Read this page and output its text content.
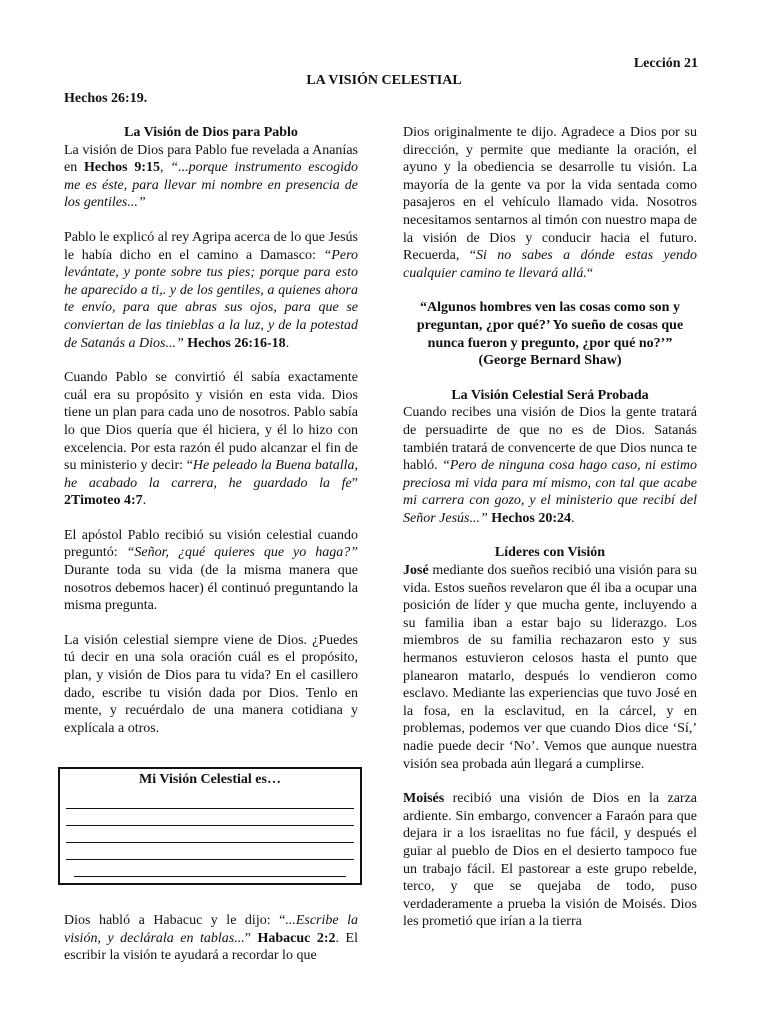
Lección 21
LA VISIÓN CELESTIAL
Hechos 26:19.

La Visión de Dios para Pablo

La visión de Dios para Pablo fue revelada a Ananías en Hechos 9:15, “...porque instrumento escogido me es éste, para llevar mi nombre en presencia de los gentiles...”

Pablo le explicó al rey Agripa acerca de lo que Jesús le había dicho en el camino a Damasco: “Pero levántate, y ponte sobre tus pies; porque para esto he aparecido a ti,. y de los gentiles, a quienes ahora te envío, para que abras sus ojos, para que se conviertan de las tinieblas a la luz, y de la potestad de Satanás a Dios...” Hechos 26:16-18.

Cuando Pablo se convirtió él sabía exactamente cuál era su propósito y visión en esta vida. Dios tiene un plan para cada uno de nosotros. Pablo sabía lo que Dios quería que él hiciera, y él lo hizo con excelencia. Por esta razón él pudo alcanzar el fin de su ministerio y decir: “He peleado la Buena batalla, he acabado la carrera, he guardado la fe” 2Timoteo 4:7.

El apóstol Pablo recibió su visión celestial cuando preguntó: “Señor, ¿qué quieres que yo haga?” Durante toda su vida (de la misma manera que nosotros debemos hacer) él continuó preguntando la misma pregunta.

La visión celestial siempre viene de Dios. ¿Puedes tú decir en una sola oración cuál es el propósito, plan, y visión de Dios para tu vida? En el casillero dado, escribe tu visión dada por Dios. Tenlo en mente, y recuérdalo de una manera cotidiana y explícala a otros.

Mi Visión Celestial es…

Dios habló a Habacuc y le dijo: “...Escribe la visión, y declárala en tablas...” Habacuc 2:2. El escribir la visión te ayudará a recordar lo que

Dios originalmente te dijo. Agradece a Dios por su dirección, y permite que mediante la oración, el ayuno y la obediencia se desarrolle tu visión. La mayoría de la gente va por la vida sentada como pasajeros en el vehículo llamado vida. Nosotros necesitamos sentarnos al timón con nuestro mapa de la visión de Dios y conducir hacia el futuro. Recuerda, “Si no sabes a dónde estas yendo cualquier camino te llevará allá.“

“Algunos hombres ven las cosas como son y preguntan, ¿por qué?’ Yo sueño de cosas que nunca fueron y pregunto, ¿por qué no?’”
(George Bernard Shaw)

La Visión Celestial Será Probada

Cuando recibes una visión de Dios la gente tratará de persuadirte de que no es de Dios. Satanás también tratará de convencerte de que Dios nunca te habló. “Pero de ninguna cosa hago caso, ni estimo preciosa mi vida para mí mismo, con tal que acabe mi carrera con gozo, y el ministerio que recibí del Señor Jesús...” Hechos 20:24.

Líderes con Visión

José mediante dos sueños recibió una visión para su vida. Estos sueños revelaron que él iba a ocupar una posición de líder y que mucha gente, incluyendo a su familia iban a estar bajo su liderazgo. Los miembros de su familia rechazaron esto y sus hermanos estuvieron celosos hasta el punto que planearon matarlo, después lo vendieron como esclavo. Mediante las experiencias que tuvo José en la fosa, en la esclavitud, en la cárcel, y en problemas, podemos ver que cuando Dios dice ‘Sí,’ nadie puede decir ‘No’. Vemos que aunque nuestra visión sea probada aún llegará a cumplirse.

Moisés recibió una visión de Dios en la zarza ardiente. Sin embargo, convencer a Faraón para que dejara ir a los israelitas no fue fácil, y después el guiar al pueblo de Dios en el desierto tampoco fue un trabajo fácil. El pastorear a este grupo rebelde, terco, y que se quejaba de todo, puso verdaderamente a prueba la visión de Moisés. Dios les prometió que irían a la tierra
